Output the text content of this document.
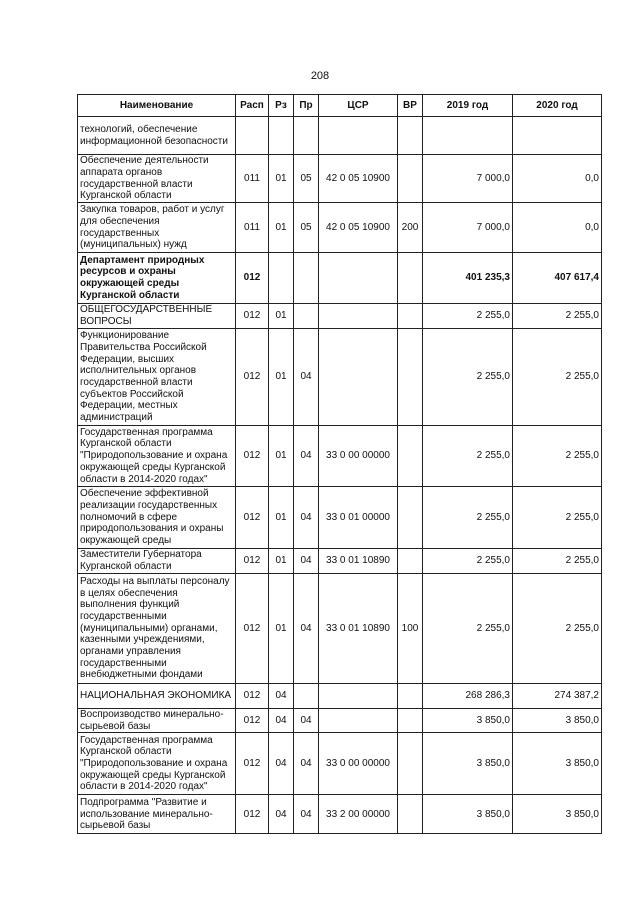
208
Наименование	Расп	Рз	Пр	ЦСР	ВР	2019 год	2020 год
технологий, обеспечение информационной безопасности							
Обеспечение деятельности аппарата органов государственной власти Курганской области	011	01	05	42 0 05 10900		7 000,0	0,0
Закупка товаров, работ и услуг для обеспечения государственных (муниципальных) нужд	011	01	05	42 0 05 10900	200	7 000,0	0,0
Департамент природных ресурсов и охраны окружающей среды Курганской области	012					401 235,3	407 617,4
ОБЩЕГОСУДАРСТВЕННЫЕ ВОПРОСЫ	012	01				2 255,0	2 255,0
Функционирование Правительства Российской Федерации, высших исполнительных органов государственной власти субъектов Российской Федерации, местных администраций	012	01	04			2 255,0	2 255,0
Государственная программа Курганской области "Природопользование и охрана окружающей среды Курганской области в 2014-2020 годах"	012	01	04	33 0 00 00000		2 255,0	2 255,0
Обеспечение эффективной реализации государственных полномочий в сфере природопользования и охраны окружающей среды	012	01	04	33 0 01 00000		2 255,0	2 255,0
Заместители Губернатора Курганской области	012	01	04	33 0 01 10890		2 255,0	2 255,0
Расходы на выплаты персоналу в целях обеспечения выполнения функций государственными (муниципальными) органами, казенными учреждениями, органами управления государственными внебюджетными фондами	012	01	04	33 0 01 10890	100	2 255,0	2 255,0
НАЦИОНАЛЬНАЯ ЭКОНОМИКА	012	04				268 286,3	274 387,2
Воспроизводство минерально-сырьевой базы	012	04	04			3 850,0	3 850,0
Государственная программа Курганской области "Природопользование и охрана окружающей среды Курганской области в 2014-2020 годах"	012	04	04	33 0 00 00000		3 850,0	3 850,0
Подпрограмма "Развитие и использование минерально-сырьевой базы	012	04	04	33 2 00 00000		3 850,0	3 850,0
